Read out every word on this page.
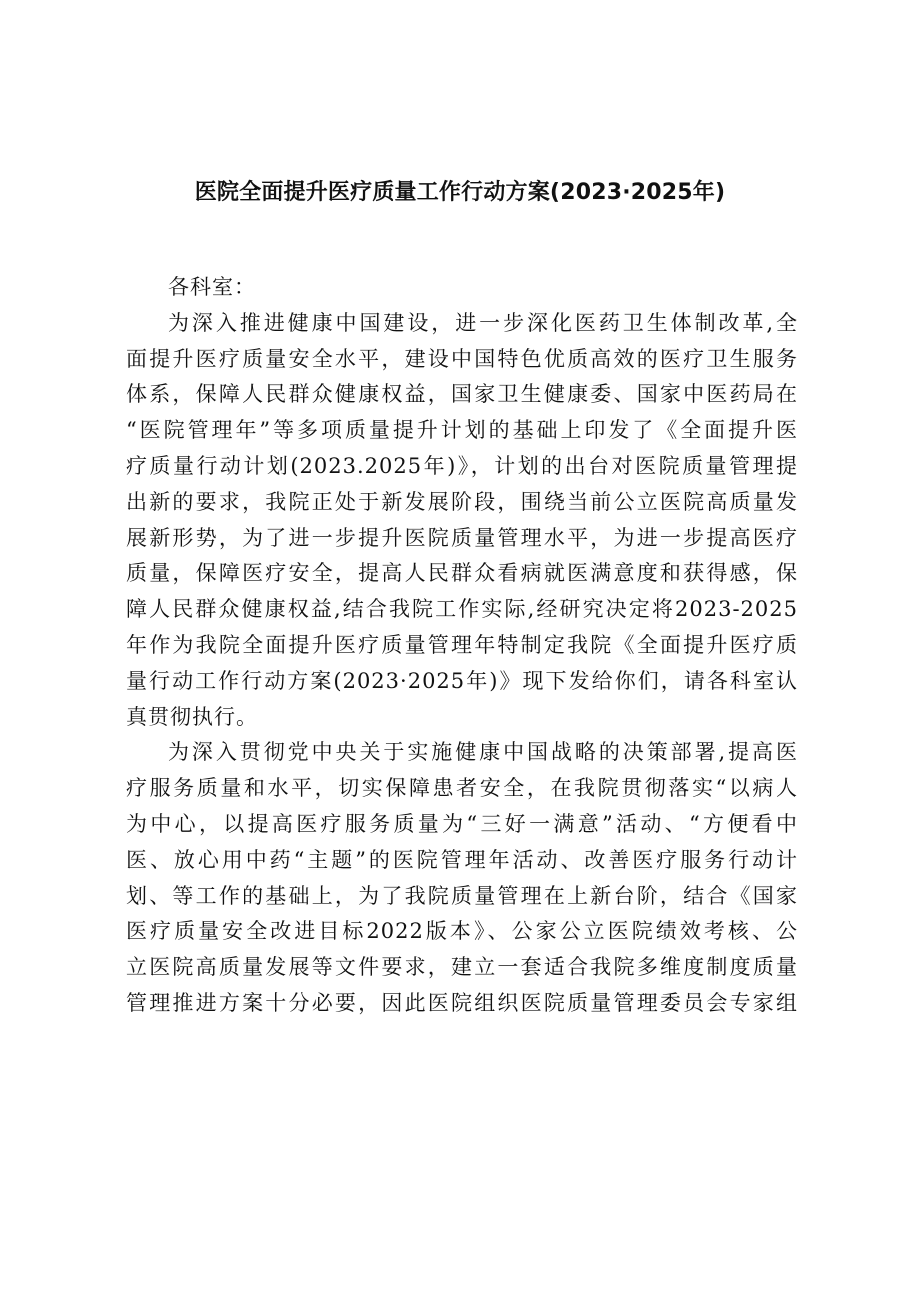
医院全面提升医疗质量工作行动方案(2023·2025年)

各科室：

为深入推进健康中国建设，进一步深化医药卫生体制改革,全
面提升医疗质量安全水平，建设中国特色优质高效的医疗卫生服务
体系，保障人民群众健康权益，国家卫生健康委、国家中医药局在
“医院管理年”等多项质量提升计划的基础上印发了《全面提升医
疗质量行动计划(2023.2025年)》，计划的出台对医院质量管理提
出新的要求，我院正处于新发展阶段，围绕当前公立医院高质量发
展新形势，为了进一步提升医院质量管理水平，为进一步提高医疗
质量，保障医疗安全，提高人民群众看病就医满意度和获得感，保
障人民群众健康权益,结合我院工作实际,经研究决定将2023-2025
年作为我院全面提升医疗质量管理年特制定我院《全面提升医疗质
量行动工作行动方案(2023·2025年)》现下发给你们，请各科室认
真贯彻执行。

为深入贯彻党中央关于实施健康中国战略的决策部署,提高医
疗服务质量和水平，切实保障患者安全，在我院贯彻落实“以病人
为中心，以提高医疗服务质量为“三好一满意”活动、“方便看中
医、放心用中药“主题”的医院管理年活动、改善医疗服务行动计
划、等工作的基础上，为了我院质量管理在上新台阶，结合《国家
医疗质量安全改进目标2022版本》、公家公立医院绩效考核、公
立医院高质量发展等文件要求，建立一套适合我院多维度制度质量
管理推进方案十分必要，因此医院组织医院质量管理委员会专家组
